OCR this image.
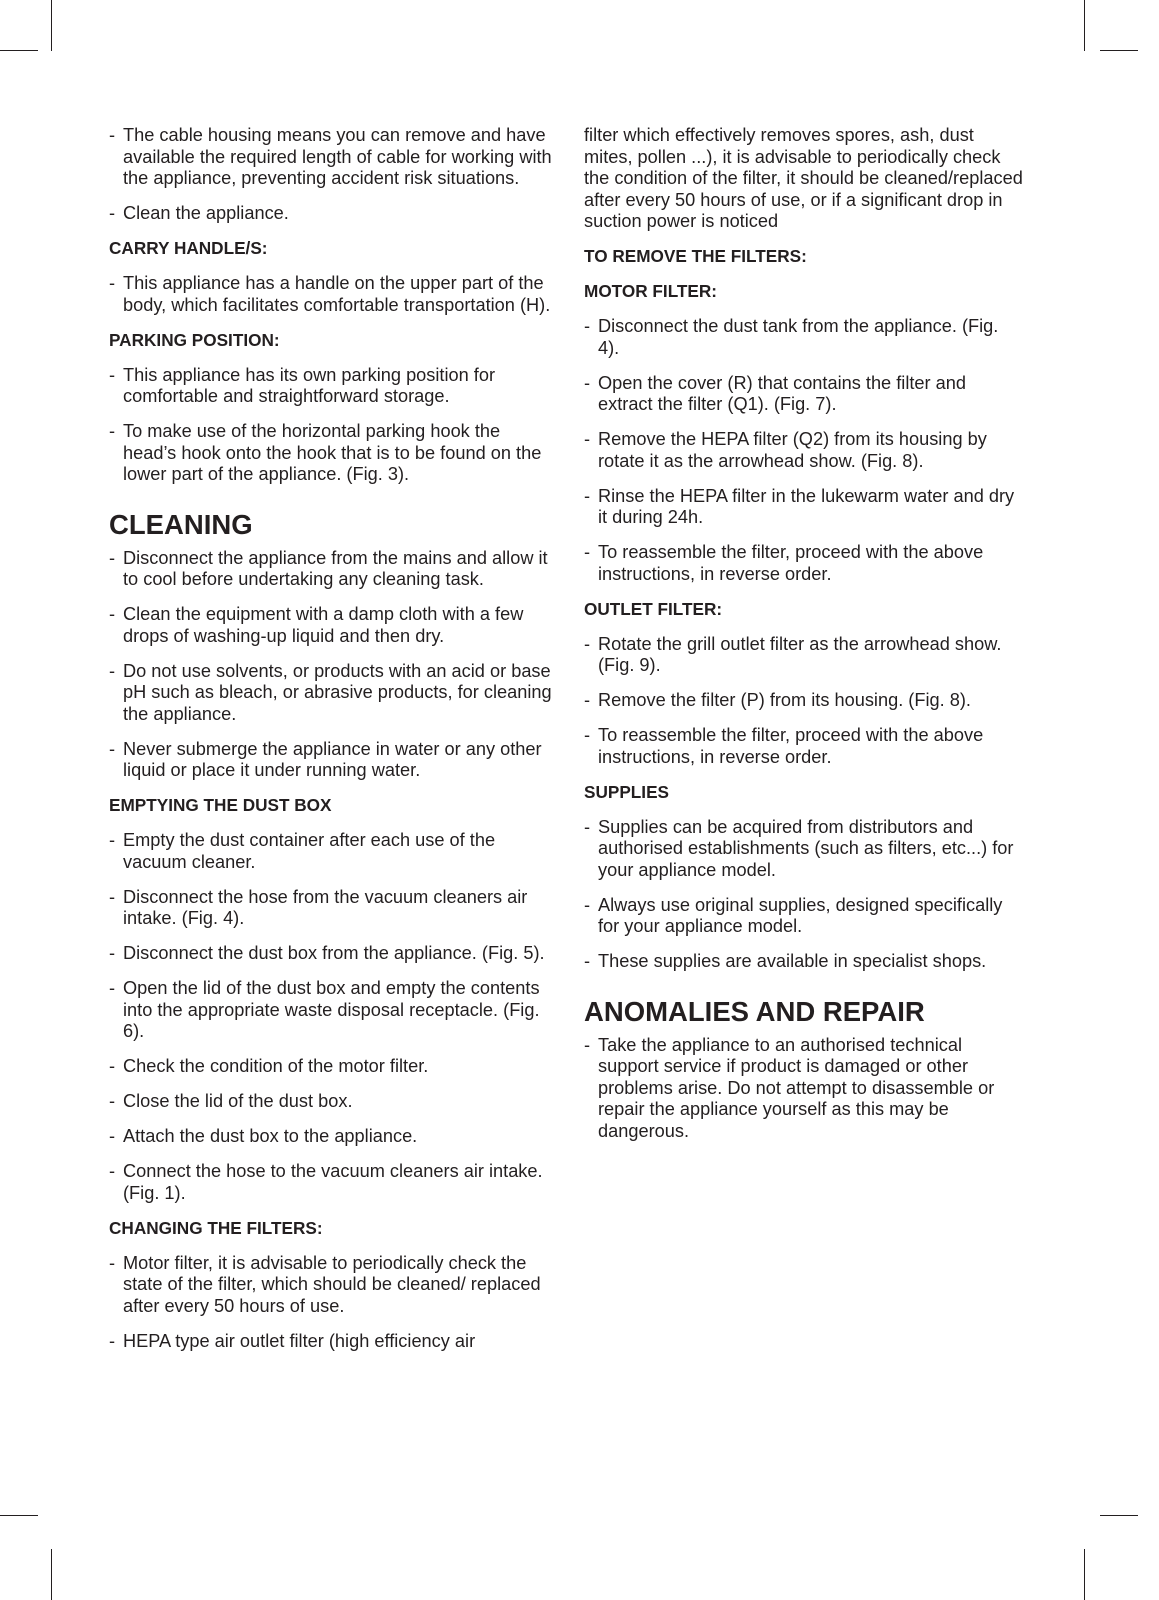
- The cable housing means you can remove and have available the required length of cable for working with the appliance, preventing accident risk situations.
- Clean the appliance.
CARRY HANDLE/S:
- This appliance has a handle on the upper part of the body, which facilitates comfortable transportation (H).
PARKING POSITION:
- This appliance has its own parking position for comfortable and straightforward storage.
- To make use of the horizontal parking hook the head’s hook onto the hook that is to be found on the lower part of the appliance. (Fig. 3).
CLEANING
- Disconnect the appliance from the mains and allow it to cool before undertaking any cleaning task.
- Clean the equipment with a damp cloth with a few drops of washing-up liquid and then dry.
- Do not use solvents, or products with an acid or base pH such as bleach, or abrasive products, for cleaning the appliance.
- Never submerge the appliance in water or any other liquid or place it under running water.
EMPTYING THE DUST BOX
- Empty the dust container after each use of the vacuum cleaner.
- Disconnect the hose from the vacuum cleaners air intake. (Fig. 4).
- Disconnect the dust box from the appliance. (Fig. 5).
- Open the lid of the dust box and empty the contents into the appropriate waste disposal receptacle. (Fig. 6).
- Check the condition of the motor filter.
- Close the lid of the dust box.
- Attach the dust box to the appliance.
- Connect the hose to the vacuum cleaners air intake. (Fig. 1).
CHANGING THE FILTERS:
- Motor filter, it is advisable to periodically check the state of the filter, which should be cleaned/ replaced after every 50 hours of use.
- HEPA type air outlet filter (high efficiency air
filter which effectively removes spores, ash, dust mites, pollen ...), it is advisable to periodically check the condition of the filter, it should be cleaned/replaced after every 50 hours of use, or if a significant drop in suction power is noticed
TO REMOVE THE FILTERS:
MOTOR FILTER:
- Disconnect the dust tank from the appliance. (Fig. 4).
- Open the cover (R) that contains the filter and extract the filter (Q1). (Fig. 7).
- Remove the HEPA filter (Q2) from its housing by rotate it as the arrowhead show. (Fig. 8).
- Rinse the HEPA filter in the lukewarm water and dry it during 24h.
- To reassemble the filter, proceed with the above instructions, in reverse order.
OUTLET FILTER:
- Rotate the grill outlet filter as the arrowhead show. (Fig. 9).
- Remove the filter (P) from its housing. (Fig. 8).
- To reassemble the filter, proceed with the above instructions, in reverse order.
SUPPLIES
- Supplies can be acquired from distributors and authorised establishments (such as filters, etc...) for your appliance model.
- Always use original supplies, designed specifically for your appliance model.
- These supplies are available in specialist shops.
ANOMALIES AND REPAIR
- Take the appliance to an authorised technical support service if product is damaged or other problems arise. Do not attempt to disassemble or repair the appliance yourself as this may be dangerous.
